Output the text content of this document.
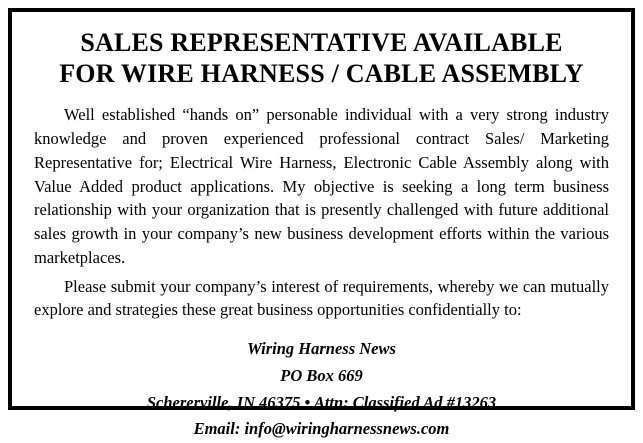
SALES REPRESENTATIVE AVAILABLE
FOR WIRE HARNESS / CABLE ASSEMBLY

Well established “hands on” personable individual with a very strong industry knowledge and proven experienced professional contract Sales/ Marketing Representative for; Electrical Wire Harness, Electronic Cable Assembly along with Value Added product applications. My objective is seeking a long term business relationship with your organization that is presently challenged with future additional sales growth in your company’s new business development efforts within the various marketplaces.

Please submit your company’s interest of requirements, whereby we can mutually explore and strategies these great business opportunities confidentially to:

Wiring Harness News
PO Box 669
Schererville, IN 46375 • Attn: Classified Ad #13263
Email: info@wiringharnessnews.com
